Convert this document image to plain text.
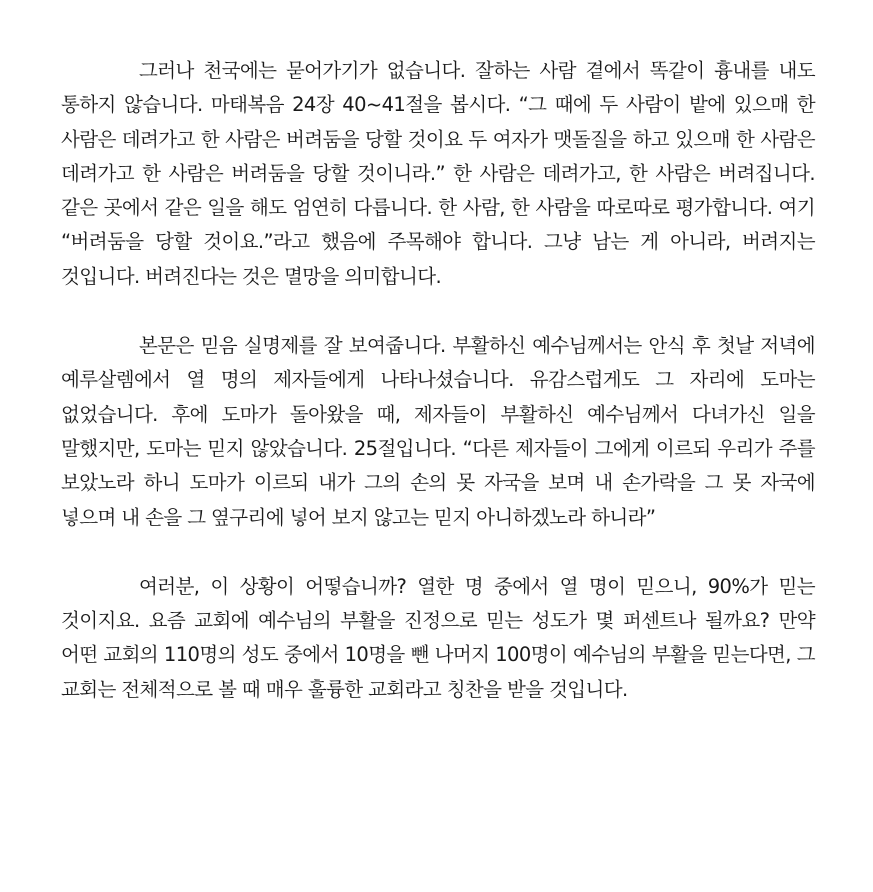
그러나 천국에는 묻어가기가 없습니다. 잘하는 사람 곁에서 똑같이 흉내를 내도 통하지 않습니다. 마태복음 24장 40~41절을 봅시다. “그 때에 두 사람이 밭에 있으매 한 사람은 데려가고 한 사람은 버려둠을 당할 것이요 두 여자가 맷돌질을 하고 있으매 한 사람은 데려가고 한 사람은 버려둠을 당할 것이니라.” 한 사람은 데려가고, 한 사람은 버려집니다. 같은 곳에서 같은 일을 해도 엄연히 다릅니다. 한 사람, 한 사람을 따로따로 평가합니다. 여기 “버려둠을 당할 것이요.”라고 했음에 주목해야 합니다. 그냥 남는 게 아니라, 버려지는 것입니다. 버려진다는 것은 멸망을 의미합니다.

본문은 믿음 실명제를 잘 보여줍니다. 부활하신 예수님께서는 안식 후 첫날 저녁에 예루살렘에서 열 명의 제자들에게 나타나셨습니다. 유감스럽게도 그 자리에 도마는 없었습니다. 후에 도마가 돌아왔을 때, 제자들이 부활하신 예수님께서 다녀가신 일을 말했지만, 도마는 믿지 않았습니다. 25절입니다. “다른 제자들이 그에게 이르되 우리가 주를 보았노라 하니 도마가 이르되 내가 그의 손의 못 자국을 보며 내 손가락을 그 못 자국에 넣으며 내 손을 그 옆구리에 넣어 보지 않고는 믿지 아니하겠노라 하니라”

여러분, 이 상황이 어떻습니까? 열한 명 중에서 열 명이 믿으니, 90%가 믿는 것이지요. 요즘 교회에 예수님의 부활을 진정으로 믿는 성도가 몇 퍼센트나 될까요? 만약 어떤 교회의 110명의 성도 중에서 10명을 뺀 나머지 100명이 예수님의 부활을 믿는다면, 그 교회는 전체적으로 볼 때 매우 훌륭한 교회라고 칭찬을 받을 것입니다.
